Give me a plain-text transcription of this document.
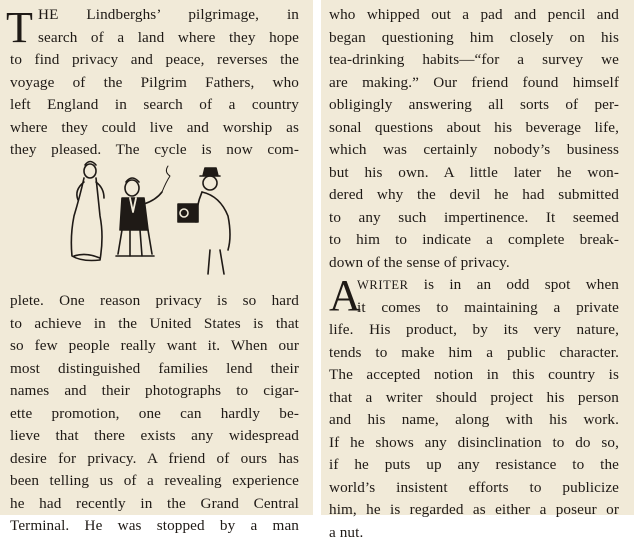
T HE Lindberghs’ pilgrimage, in
search of a land where they hope
to find privacy and peace, reverses the
voyage of the Pilgrim Fathers, who
left England in search of a country
where they could live and worship as
they pleased. The cycle is now com-
plete. One reason privacy is so hard
to achieve in the United States is that
so few people really want it. When our
most distinguished families lend their
names and their photographs to cigar-
ette promotion, one can hardly be-
lieve that there exists any widespread
desire for privacy. A friend of ours has
been telling us of a revealing experience
he had recently in the Grand Central
Terminal. He was stopped by a man
who whipped out a pad and pencil and
began questioning him closely on his
tea-drinking habits—“for a survey we
are making.” Our friend found himself
obligingly answering all sorts of per-
sonal questions about his beverage life,
which was certainly nobody’s business
but his own. A little later he won-
dered why the devil he had submitted
to any such impertinence. It seemed
to him to indicate a complete break-
down of the sense of privacy.
A
WRITER is in an odd spot when
it comes to maintaining a private
life. His product, by its very nature,
tends to make him a public character.
The accepted notion in this country is
that a writer should project his person
and his name, along with his work.
If he shows any disinclination to do so,
if he puts up any resistance to the
world’s insistent efforts to publicize
him, he is regarded as either a poseur or
a nut.
